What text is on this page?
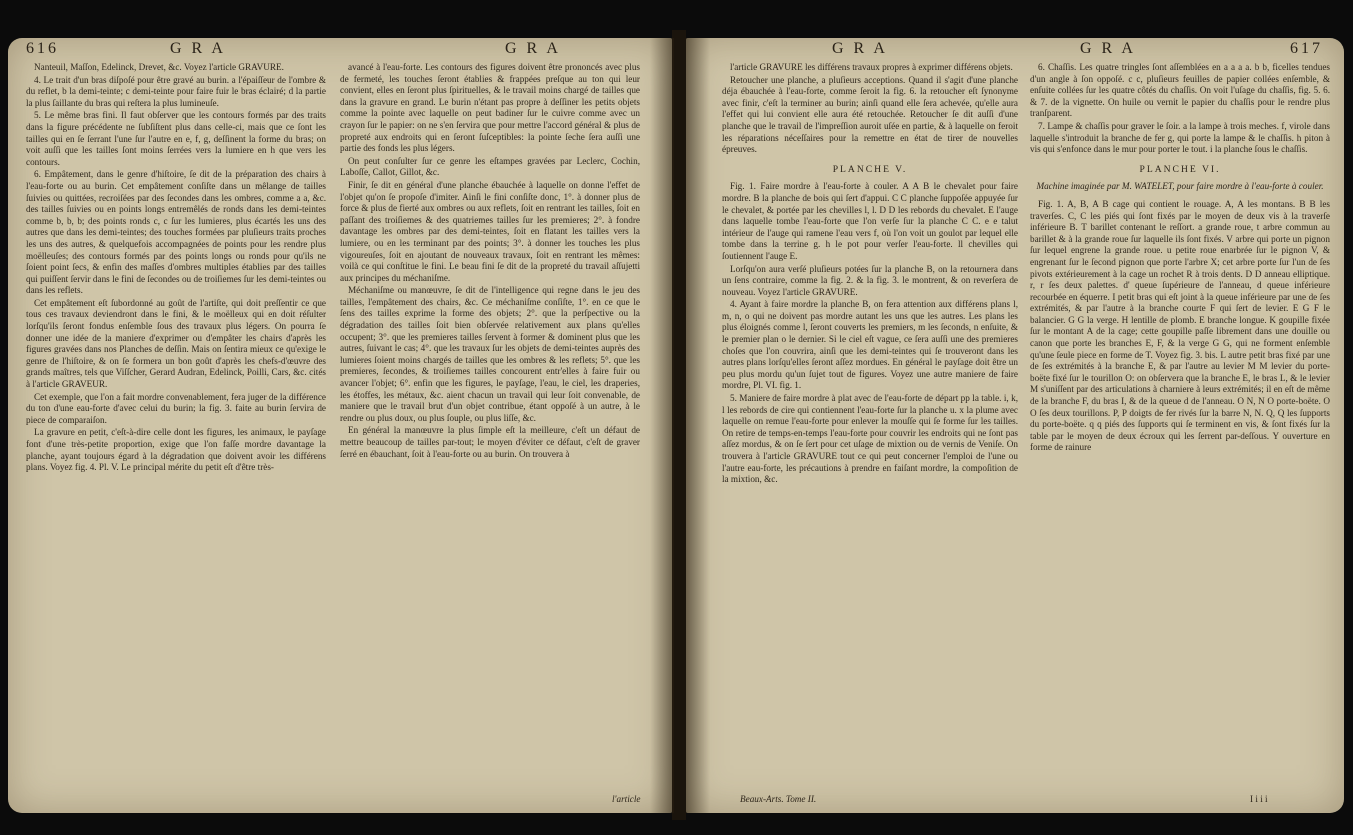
616	G R A	G R A

Nanteuil, Maſſon, Edelinck, Drevet, &c. Voyez l'article GRAVURE.

4. Le trait d'un bras diſpoſé pour être gravé au burin. a l'épaiſſeur de l'ombre & du reflet, b la demi-teinte; c demi-teinte pour faire fuir le bras éclairé; d la partie la plus ſaillante du bras qui reſtera la plus lumineuſe.

5. Le même bras fini. Il faut obſerver que les contours formés par des traits dans la figure précédente ne ſubſiſtent plus dans celle-ci, mais que ce ſont les tailles qui en ſe ſerrant l'une ſur l'autre en e, f, g, deſſinent la forme du bras; on voit auſſi que les tailles ſont moins ſerrées vers la lumiere en h que vers les contours.

6. Empâtement, dans le genre d'hiſtoire, ſe dit de la préparation des chairs à l'eau-forte ou au burin. Cet empâtement conſiſte dans un mêlange de tailles ſuivies ou quittées, recroiſées par des ſecondes dans les ombres, comme a a, &c. des tailles ſuivies ou en points longs entremêlés de ronds dans les demi-teintes comme b, b, b; des points ronds c, c ſur les lumieres, plus écartés les uns des autres que dans les demi-teintes; des touches formées par pluſieurs traits proches les uns des autres, & quelquefois accompagnées de points pour les rendre plus moëlleuſes; des contours formés par des points longs ou ronds pour qu'ils ne ſoient point ſecs, & enfin des maſſes d'ombres multiples établies par des tailles qui puiſſent ſervir dans le fini de ſecondes ou de troiſiemes ſur les demi-teintes ou dans les reflets.

Cet empâtement eſt ſubordonné au goût de l'artiſte, qui doit preſſentir ce que tous ces travaux deviendront dans le fini, & le moëlleux qui en doit réſulter lorſqu'ils ſeront fondus enſemble ſous des travaux plus légers. On pourra ſe donner une idée de la maniere d'exprimer ou d'empâter les chairs d'après les figures gravées dans nos Planches de deſſin. Mais on ſentira mieux ce qu'exige le genre de l'hiſtoire, & on ſe formera un bon goût d'après les chefs-d'œuvre des grands maîtres, tels que Viſſcher, Gerard Audran, Edelinck, Poilli, Cars, &c. cités à l'article GRAVEUR.

Cet exemple, que l'on a fait mordre convenablement, fera juger de la différence du ton d'une eau-forte d'avec celui du burin; la fig. 3. faite au burin ſervira de piece de comparaiſon.

La gravure en petit, c'eſt-à-dire celle dont les figures, les animaux, le payſage font d'une très-petite proportion, exige que l'on faſſe mordre davantage la planche, ayant toujours égard à la dégradation que doivent avoir les différens plans. Voyez fig. 4. Pl. V. Le principal mérite du petit eſt d'être très-

avancé à l'eau-forte. Les contours des figures doivent être prononcés avec plus de fermeté, les touches ſeront établies & frappées preſque au ton qui leur convient, elles en ſeront plus ſpirituelles, & le travail moins chargé de tailles que dans la gravure en grand. Le burin n'étant pas propre à deſſiner les petits objets comme la pointe avec laquelle on peut badiner ſur le cuivre comme avec un crayon ſur le papier: on ne s'en ſervira que pour mettre l'accord général & plus de propreté aux endroits qui en ſeront ſuſceptibles: la pointe ſeche ſera auſſi une partie des fonds les plus légers.

On peut conſulter ſur ce genre les eſtampes gravées par Leclerc, Cochin, Laboſſe, Callot, Gillot, &c.

Finir, ſe dit en général d'une planche ébauchée à laquelle on donne l'effet de l'objet qu'on ſe propoſe d'imiter. Ainſi le fini conſiſte donc, 1°. à donner plus de force & plus de fierté aux ombres ou aux reflets, ſoit en rentrant les tailles, ſoit en paſſant des troiſiemes & des quatriemes tailles ſur les premieres; 2°. à fondre davantage les ombres par des demi-teintes, ſoit en flatant les tailles vers la lumiere, ou en les terminant par des points; 3°. à donner les touches les plus vigoureuſes, ſoit en ajoutant de nouveaux travaux, ſoit en rentrant les mêmes: voilà ce qui conſtitue le fini. Le beau fini ſe dit de la propreté du travail aſſujetti aux principes du méchaniſme.

Méchaniſme ou manœuvre, ſe dit de l'intelligence qui regne dans le jeu des tailles, l'empâtement des chairs, &c. Ce méchaniſme conſiſte, 1°. en ce que le ſens des tailles exprime la forme des objets; 2°. que la perſpective ou la dégradation des tailles ſoit bien obſervée relativement aux plans qu'elles occupent; 3°. que les premieres tailles ſervent à former & dominent plus que les autres, ſuivant le cas; 4°. que les travaux ſur les objets de demi-teintes auprès des lumieres ſoient moins chargés de tailles que les ombres & les reflets; 5°. que les premieres, ſecondes, & troiſiemes tailles concourent entr'elles à faire fuir ou avancer l'objet; 6°. enfin que les figures, le payſage, l'eau, le ciel, les draperies, les étoffes, les métaux, &c. aient chacun un travail qui leur ſoit convenable, de maniere que le travail brut d'un objet contribue, étant oppoſé à un autre, à le rendre ou plus doux, ou plus ſouple, ou plus liſſe, &c.

En général la manœuvre la plus ſimple eſt la meilleure, c'eſt un défaut de mettre beaucoup de tailles par-tout; le moyen d'éviter ce défaut, c'eſt de graver ſerré en ébauchant, ſoit à l'eau-forte ou au burin. On trouvera à

l'article
G R A	G R A	617

l'article GRAVURE les différens travaux propres à exprimer différens objets.

Retoucher une planche, a pluſieurs acceptions. Quand il s'agit d'une planche déja ébauchée à l'eau-forte, comme ſeroit la fig. 6. la retoucher eſt ſynonyme avec finir, c'eſt la terminer au burin; ainſi quand elle ſera achevée, qu'elle aura l'effet qui lui convient elle aura été retouchée. Retoucher ſe dit auſſi d'une planche que le travail de l'impreſſion auroit uſée en partie, & à laquelle on feroit les réparations néceſſaires pour la remettre en état de tirer de nouvelles épreuves.

PLANCHE V.

Fig. 1. Faire mordre à l'eau-forte à couler. A A B le chevalet pour faire mordre. B la planche de bois qui ſert d'appui. C C planche ſuppoſée appuyée ſur le chevalet, & portée par les chevilles l, l. D D les rebords du chevalet. E l'auge dans laquelle tombe l'eau-forte que l'on verſe ſur la planche C C. e e talut intérieur de l'auge qui ramene l'eau vers f, où l'on voit un goulot par lequel elle tombe dans la terrine g. h le pot pour verſer l'eau-forte. ll chevilles qui ſoutiennent l'auge E.

Lorſqu'on aura verſé pluſieurs potées ſur la planche B, on la retournera dans un ſens contraire, comme la fig. 2. & la fig. 3. le montrent, & on reverſera de nouveau. Voyez l'article GRAVURE.

4. Ayant à faire mordre la planche B, on fera attention aux différens plans l, m, n, o qui ne doivent pas mordre autant les uns que les autres. Les plans les plus éloignés comme l, ſeront couverts les premiers, m les ſeconds, n enſuite, & le premier plan o le dernier. Si le ciel eſt vague, ce ſera auſſi une des premieres choſes que l'on couvrira, ainſi que les demi-teintes qui ſe trouveront dans les autres plans lorſqu'elles ſeront aſſez mordues. En général le payſage doit être un peu plus mordu qu'un ſujet tout de figures. Voyez une autre maniere de faire mordre, Pl. VI. fig. 1.

5. Maniere de faire mordre à plat avec de l'eau-forte de départ pp la table. i, k, l les rebords de cire qui contiennent l'eau-forte ſur la planche u. x la plume avec laquelle on remue l'eau-forte pour enlever la mouſſe qui ſe forme ſur les tailles. On retire de temps-en-temps l'eau-forte pour couvrir les endroits qui ne ſont pas aſſez mordus, & on ſe ſert pour cet uſage de mixtion ou de vernis de Veniſe. On trouvera à l'article GRAVURE tout ce qui peut concerner l'emploi de l'une ou l'autre eau-forte, les précautions à prendre en faiſant mordre, la compoſition de la mixtion, &c.

6. Chaſſis. Les quatre tringles ſont aſſemblées en a a a a. b b, ficelles tendues d'un angle à ſon oppoſé. c c, pluſieurs feuilles de papier collées enſemble, & enſuite collées ſur les quatre côtés du chaſſis. On voit l'uſage du chaſſis, fig. 5. 6. & 7. de la vignette. On huile ou vernit le papier du chaſſis pour le rendre plus tranſparent.

7. Lampe & chaſſis pour graver le ſoir. a la lampe à trois meches. f, virole dans laquelle s'introduit la branche de fer g, qui porte la lampe & le chaſſis. h piton à vis qui s'enfonce dans le mur pour porter le tout. i la planche ſous le chaſſis.

PLANCHE VI.

Machine imaginée par M. WATELET, pour faire mordre à l'eau-forte à couler.

Fig. 1. A, B, A B cage qui contient le rouage. A, A les montans. B B les traverſes. C, C les piés qui ſont fixés par le moyen de deux vis à la traverſe inférieure B. T barillet contenant le reſſort. a grande roue, t arbre commun au barillet & à la grande roue ſur laquelle ils ſont fixés. V arbre qui porte un pignon ſur lequel engrene la grande roue. u petite roue enarbrée ſur le pignon V, & engrenant ſur le ſecond pignon que porte l'arbre X; cet arbre porte ſur l'un de ſes pivots extérieurement à la cage un rochet R à trois dents. D D anneau elliptique. r, r ſes deux palettes. d' queue ſupérieure de l'anneau, d queue inférieure recourbée en équerre. I petit bras qui eſt joint à la queue inférieure par une de ſes extrémités, & par l'autre à la branche courte F qui ſert de levier. E G F le balancier. G G la verge. H lentille de plomb. E branche longue. K goupille fixée ſur le montant A de la cage; cette goupille paſſe librement dans une douille ou canon que porte les branches E, F, & la verge G G, qui ne forment enſemble qu'une ſeule piece en forme de T. Voyez fig. 3. bis. L autre petit bras fixé par une de ſes extrémités à la branche E, & par l'autre au levier M M levier du porte-boëte fixé ſur le tourillon O: on obſervera que la branche E, le bras L, & le levier M s'uniſſent par des articulations à charniere à leurs extrémités; il en eſt de même de la branche F, du bras I, & de la queue d de l'anneau. O N, N O porte-boëte. O O ſes deux tourillons. P, P doigts de fer rivés ſur la barre N, N. Q, Q les ſupports du porte-boëte. q q piés des ſupports qui ſe terminent en vis, & ſont fixés ſur la table par le moyen de deux écroux qui les ſerrent par-deſſous. Y ouverture en forme de rainure

Beaux-Arts. Tome II.	I i i i
